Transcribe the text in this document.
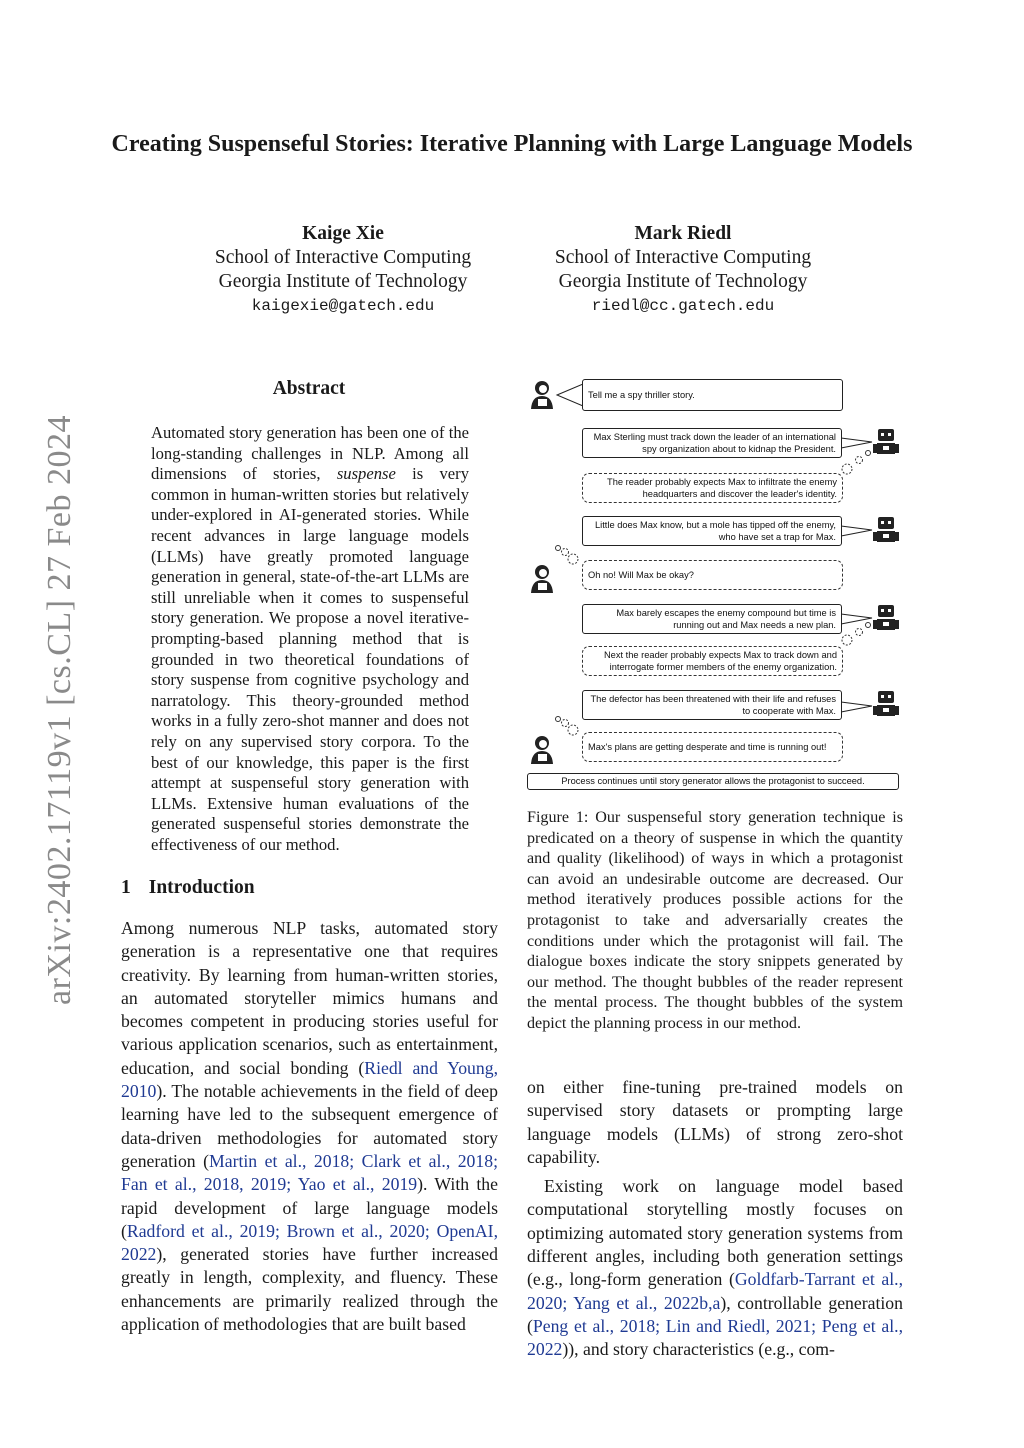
arXiv:2402.17119v1 [cs.CL] 27 Feb 2024
Creating Suspenseful Stories: Iterative Planning with Large Language Models
Kaige Xie
School of Interactive Computing
Georgia Institute of Technology
kaigexie@gatech.edu
Mark Riedl
School of Interactive Computing
Georgia Institute of Technology
riedl@cc.gatech.edu
Abstract
Automated story generation has been one of the long-standing challenges in NLP. Among all dimensions of stories, suspense is very common in human-written stories but relatively under-explored in AI-generated stories. While recent advances in large language models (LLMs) have greatly promoted language generation in general, state-of-the-art LLMs are still unreliable when it comes to suspenseful story generation. We propose a novel iterative-prompting-based planning method that is grounded in two theoretical foundations of story suspense from cognitive psychology and narratology. This theory-grounded method works in a fully zero-shot manner and does not rely on any supervised story corpora. To the best of our knowledge, this paper is the first attempt at suspenseful story generation with LLMs. Extensive human evaluations of the generated suspenseful stories demonstrate the effectiveness of our method.
1 Introduction
Among numerous NLP tasks, automated story generation is a representative one that requires creativity. By learning from human-written stories, an automated storyteller mimics humans and becomes competent in producing stories useful for various application scenarios, such as entertainment, education, and social bonding (Riedl and Young, 2010). The notable achievements in the field of deep learning have led to the subsequent emergence of data-driven methodologies for automated story generation (Martin et al., 2018; Clark et al., 2018; Fan et al., 2018, 2019; Yao et al., 2019). With the rapid development of large language models (Radford et al., 2019; Brown et al., 2020; OpenAI, 2022), generated stories have further increased greatly in length, complexity, and fluency. These enhancements are primarily realized through the application of methodologies that are built based
Tell me a spy thriller story.
Max Sterling must track down the leader of an international spy organization about to kidnap the President.
The reader probably expects Max to infiltrate the enemy headquarters and discover the leader's identity.
Little does Max know, but a mole has tipped off the enemy, who have set a trap for Max.
Oh no! Will Max be okay?
Max barely escapes the enemy compound but time is running out and Max needs a new plan.
Next the reader probably expects Max to track down and interrogate former members of the enemy organization.
The defector has been threatened with their life and refuses to cooperate with Max.
Max's plans are getting desperate and time is running out!
Process continues until story generator allows the protagonist to succeed.
Figure 1: Our suspenseful story generation technique is predicated on a theory of suspense in which the quantity and quality (likelihood) of ways in which a protagonist can avoid an undesirable outcome are decreased. Our method iteratively produces possible actions for the protagonist to take and adversarially creates the conditions under which the protagonist will fail. The dialogue boxes indicate the story snippets generated by our method. The thought bubbles of the reader represent the mental process. The thought bubbles of the system depict the planning process in our method.
on either fine-tuning pre-trained models on supervised story datasets or prompting large language models (LLMs) of strong zero-shot capability.
Existing work on language model based computational storytelling mostly focuses on optimizing automated story generation systems from different angles, including both generation settings (e.g., long-form generation (Goldfarb-Tarrant et al., 2020; Yang et al., 2022b,a), controllable generation (Peng et al., 2018; Lin and Riedl, 2021; Peng et al., 2022)), and story characteristics (e.g., com-
